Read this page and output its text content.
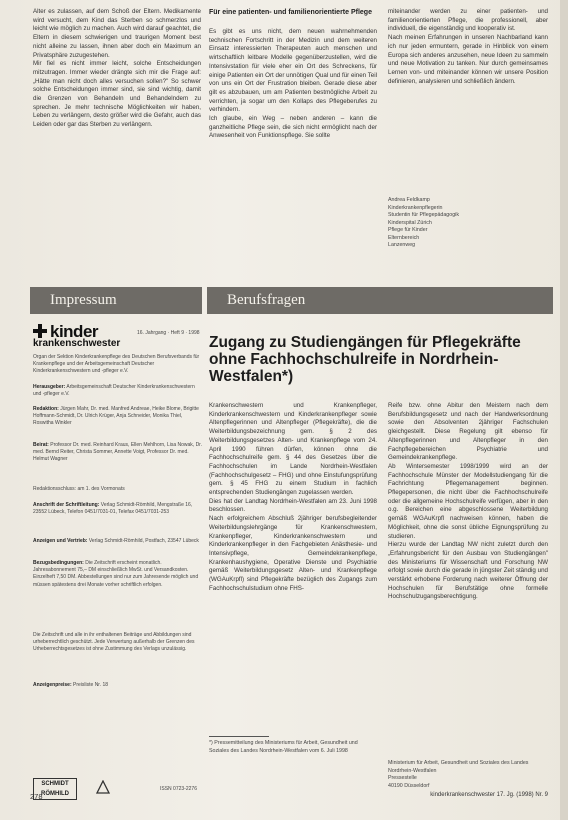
Alter es zulassen, auf dem Schoß der Eltern. Medikamente wird versucht, dem Kind das Sterben so schmerzlos und leicht wie möglich zu machen. Auch wird darauf geachtet, die Eltern in diesem schwierigen und traurigen Moment best nicht alleine zu lassen, ihnen aber doch ein Maximum an Privatsphäre zuzugestehen.
Mir fiel es nicht immer leicht, solche Entscheidungen mitzutragen. Immer wieder drängte sich mir die Frage auf: „Hätte man nicht doch alles versuchen sollen?" So schwer solche Entscheidungen immer sind, sie sind wichtig, damit die Grenzen von Behandeln und Behandelndem zu sprechen. Je mehr technische Möglichkeiten wir haben, Leben zu verlängern, desto größer wird die Gefahr, auch das Leiden oder gar das Sterben zu verlängern.

Für eine patienten- und familienorientierte Pflege

Es gibt es uns nicht, dem neuen wahrnehmenden technischen Fortschritt in der Medizin und dem weiteren Einsatz interessierten Therapeuten auch menschen und wirtschaftlich leitbare Modelle gegenüberzustellen, wird die Intensivstation für viele eher ein Ort des Schreckens, für einige Patienten ein Ort der unnötigen Qual und für einen Teil von uns ein Ort der Frustration bleiben. Gerade diese aber gilt es abzubauen, um am Patienten bestmögliche Arbeit zu verrichten, ja sogar um den Kollaps des Pflegeberufes zu verhindern.
Ich glaube, ein Weg – neben anderen – kann die ganzheitliche Pflege sein, die sich nicht ermöglicht nach der Anwesenheit von Funktionspflege. Sie sollte

miteinander werden zu einer patienten- und familienorientierten Pflege, die professionell, aber individuell, die eigenständig und kooperativ ist.
Nach meinen Erfahrungen in unseren Nachbarland kann ich nur jeden ermuntern, gerade in Hinblick von einem Europa sich anderes anzusehen, neue Ideen zu sammeln und neue Motivation zu tanken. Nur durch gemeinsames Lernen von- und miteinander können wir unsere Position definieren, analysieren und schließlich ändern.

Andrea Feldkamp

Kinderkrankenpflegerin

Studentin für Pflegepädagogik

Kinderspital Zürich

Pflege für Kinder

Elternbereich

Lanzenweg

Impressum	Berufsfragen
kinder
krankenschwester
16. Jahrgang · Heft 9 · 1998

Organ der Sektion Kinderkrankenpflege des Deutschen Berufsverbands für Krankenpflege und der Arbeitsgemeinschaft Deutscher Kinderkrankenschwestern und -pfleger e.V.

Herausgeber: Arbeitsgemeinschaft Deutscher Kinderkrankenschwestern und -pfleger e.V.

Redaktion: Jürgen Mahr, Dr. med. Manfred Andreae, Heike Blome, Brigitte Hoffmann-Schmidt, Dr. Ulrich Krüger, Anja Schneider, Monika Thiel, Roswitha Winkler

Beirat: Professor Dr. med. Reinhard Kraus, Ellen Mehlhorn, Lisa Nowak, Dr. med. Bernd Reiter, Christa Sommer, Annette Voigt, Professor Dr. med. Helmut Wagner

Redaktionsschluss: am 1. des Vormonats

Anschrift der Schriftleitung: Verlag Schmidt-Römhild, Mengstraße 16, 23552 Lübeck, Telefon 0451/7031-01, Telefax 0451/7031-253

Anzeigen und Vertrieb: Verlag Schmidt-Römhild, Postfach, 23547 Lübeck

Bezugsbedingungen: Die Zeitschrift erscheint monatlich. Jahresabonnement 75,– DM einschließlich MwSt. und Versandkosten. Einzelheft 7,50 DM. Abbestellungen sind nur zum Jahresende möglich und müssen spätestens drei Monate vorher schriftlich erfolgen.

Die Zeitschrift und alle in ihr enthaltenen Beiträge und Abbildungen sind urheberrechtlich geschützt. Jede Verwertung außerhalb der Grenzen des Urheberrechtsgesetzes ist ohne Zustimmung des Verlags unzulässig.

Anzeigenpreise: Preisliste Nr. 18

SCHMIDT RÖMHILD
ISSN 0723-2276
Zugang zu Studiengängen für Pflegekräfte ohne Fachhochschulreife in Nordrhein-Westfalen*)

Krankenschwestern und Krankenpfleger, Kinderkrankenschwestern und Kinderkrankenpfleger sowie Altenpflegerinnen und Altenpfleger (Pflegekräfte), die die Weiterbildungsbezeichnung gem. § 2 des Weiterbildungsgesetzes Alten- und Krankenpflege vom 24. April 1990 führen dürfen, können ohne die Fachhochschulreife gem. § 44 des Gesetzes über die Fachhochschulen im Lande Nordrhein-Westfalen (Fachhochschulgesetz – FHG) und ohne Einstufungsprüfung gem. § 45 FHG zu einem Studium in fachlich entsprechenden Studiengängen zugelassen werden.
Dies hat der Landtag Nordrhein-Westfalen am 23. Juni 1998 beschlossen.
Nach erfolgreichem Abschluß 2jähriger berufsbegleitender Weiterbildungslehrgänge für Krankenschwestern, Krankenpfleger, Kinderkrankenschwestern und Kinderkrankenpfleger in den Fachgebieten Anästhesie- und Intensivpflege, Gemeindekrankenpflege, Krankenhaushygiene, Operative Dienste und Psychiatrie gemäß Weiterbildungsgesetz Alten- und Krankenpflege (WGAuKrpfl) sind Pflegekräfte bezüglich des Zugangs zum Fachhochschulstudium ohne FHS-

Reife bzw. ohne Abitur den Meistern nach dem Berufsbildungsgesetz und nach der Handwerksordnung sowie den Absolventen 2jähriger Fachschulen gleichgestellt. Diese Regelung gilt ebenso für Altenpflegerinnen und Altenpfleger in den Fachpflegebereichen Psychiatrie und Gemeindekrankenpflege.
Ab Wintersemester 1998/1999 wird an der Fachhochschule Münster der Modellstudiengang für die Fachrichtung Pflegemanagement beginnen. Pflegepersonen, die nicht über die Fachhochschulreife oder die allgemeine Hochschulreife verfügen, aber in den o.g. Bereichen eine abgeschlossene Weiterbildung gemäß WGAuKrpfl nachweisen können, haben die Möglichkeit, ohne die sonst übliche Eignungsprüfung zu studieren.
Hierzu wurde der Landtag NW nicht zuletzt durch den „Erfahrungsbericht für den Ausbau von Studiengängen" des Ministeriums für Wissenschaft und Forschung NW erfolgt sowie durch die gerade in jüngster Zeit ständig und verstärkt erhobene Forderung nach weiterer Öffnung der Hochschulen für Berufstätige ohne formelle Hochschulzugangsberechtigung.

*) Pressemitteilung des Ministeriums für Arbeit, Gesundheit und Soziales des Landes Nordrhein-Westfalen vom 6. Juli 1998

Ministerium für Arbeit, Gesundheit und Soziales des Landes Nordrhein-Westfalen

Pressestelle

40190 Düsseldorf

278	kinderkrankenschwester 17. Jg. (1998) Nr. 9
